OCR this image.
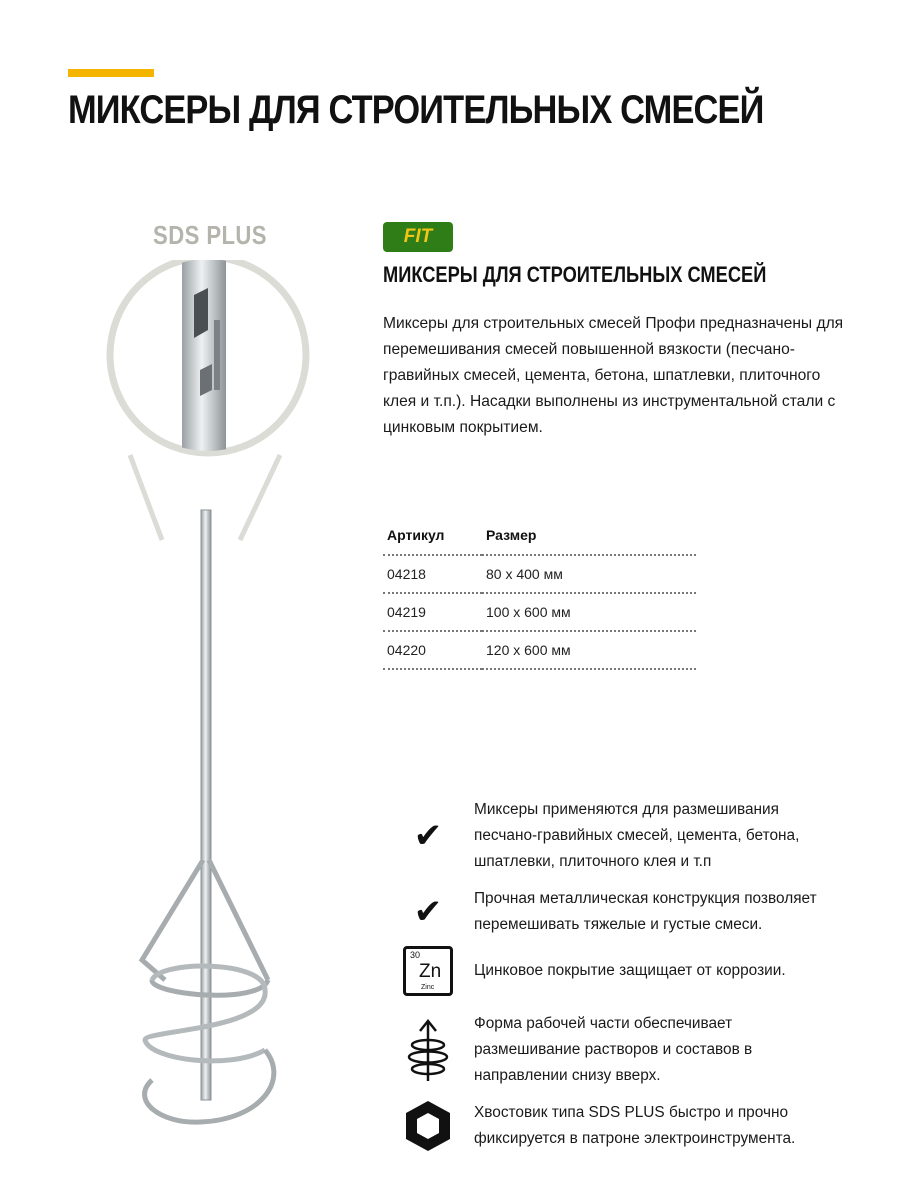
МИКСЕРЫ ДЛЯ СТРОИТЕЛЬНЫХ СМЕСЕЙ
SDS PLUS	FIT
МИКСЕРЫ ДЛЯ СТРОИТЕЛЬНЫХ СМЕСЕЙ

Миксеры для строительных смесей Профи предназначены для перемешивания смесей повышенной вязкости (песчано-гравийных смесей, цемента, бетона, шпатлевки, плиточного клея и т.п.). Насадки выполнены из инструментальной стали с цинковым покрытием.

Артикул	Размер
04218	80 х 400 мм
04219	100 х 600 мм
04220	120 х 600 мм
✔
Миксеры применяются для размешивания песчано-гравийных смесей, цемента, бетона, шпатлевки, плиточного клея и т.п
✔ Прочная металлическая конструкция позволяет перемешивать тяжелые и густые смеси.
30
Zn
Zinc
Цинковое покрытие защищает от коррозии.
Форма рабочей части обеспечивает размешивание растворов и составов в направлении снизу вверх.
Хвостовик типа SDS PLUS быстро и прочно фиксируется в патроне электроинструмента.
